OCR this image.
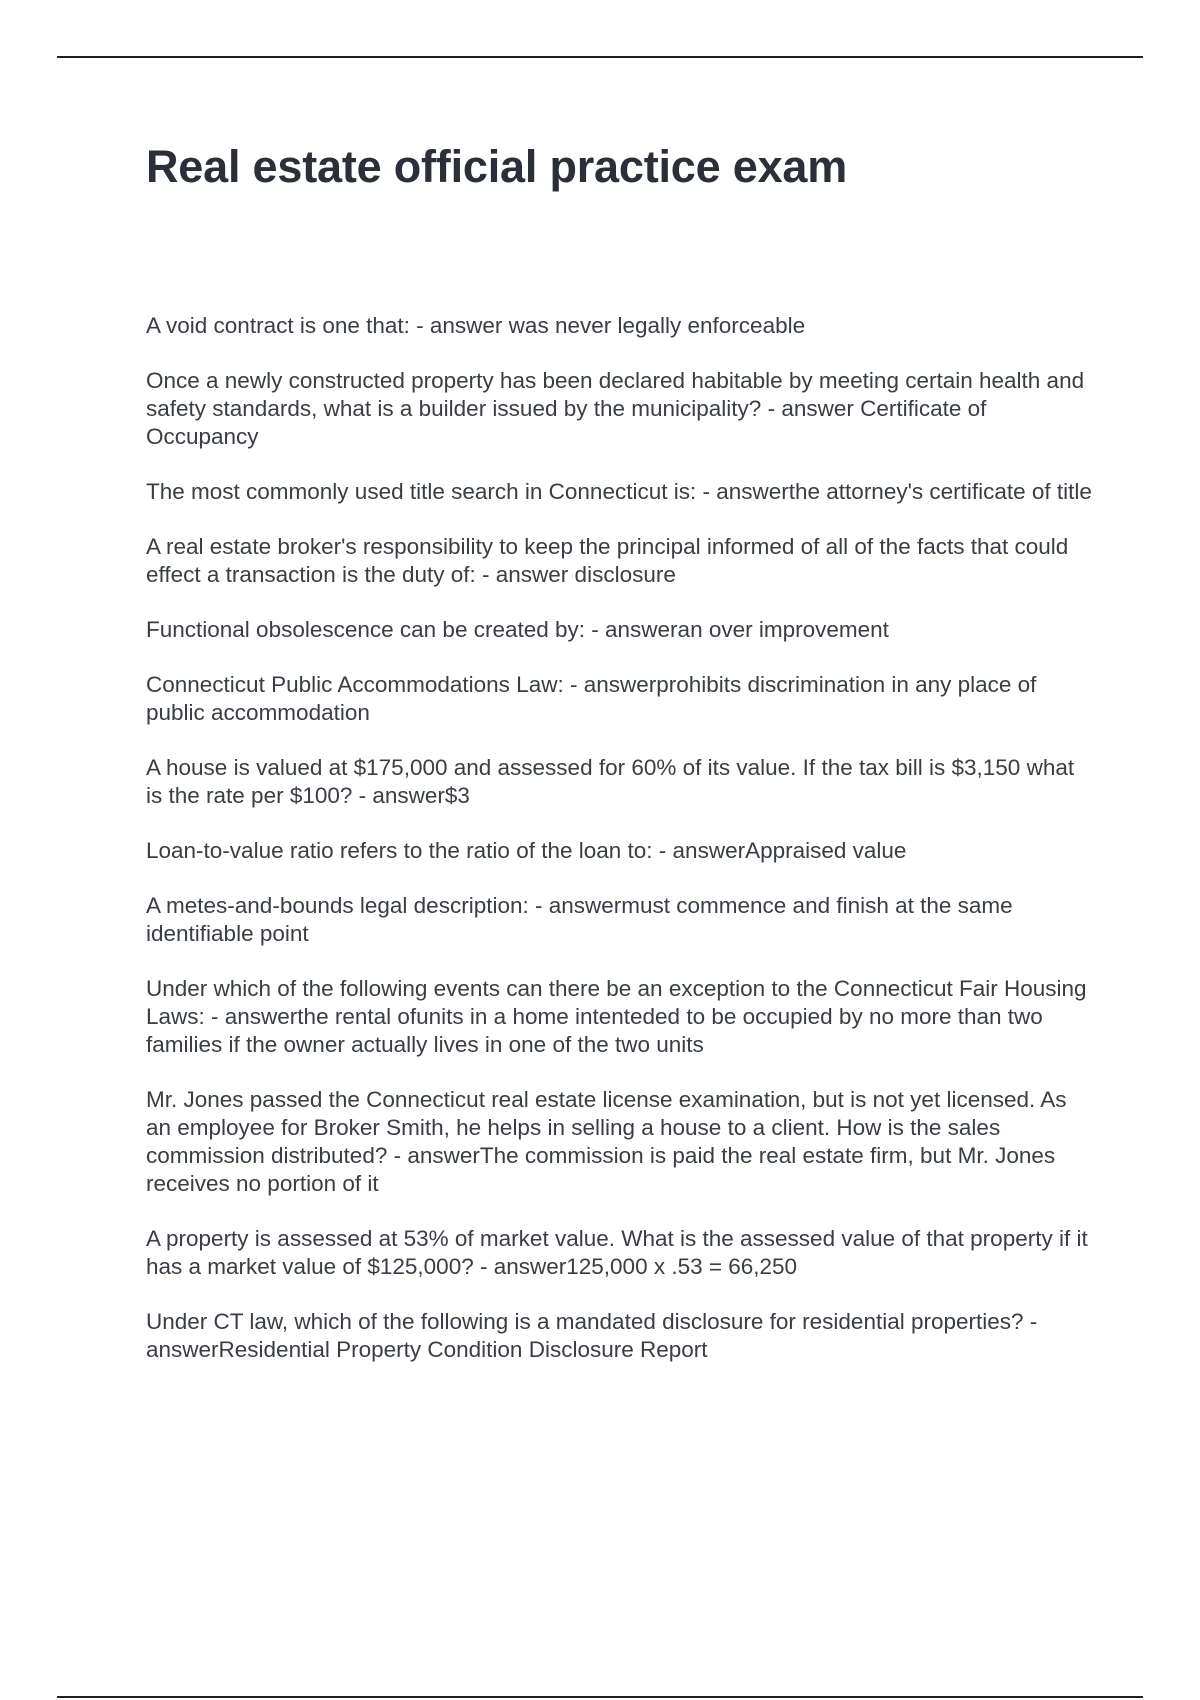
Real estate official practice exam

A void contract is one that: - answer was never legally enforceable

Once a newly constructed property has been declared habitable by meeting certain health and safety standards, what is a builder issued by the municipality? - answer Certificate of Occupancy

The most commonly used title search in Connecticut is: - answerthe attorney's certificate of title

A real estate broker's responsibility to keep the principal informed of all of the facts that could effect a transaction is the duty of: - answer disclosure

Functional obsolescence can be created by: - answeran over improvement

Connecticut Public Accommodations Law: - answerprohibits discrimination in any place of public accommodation

A house is valued at $175,000 and assessed for 60% of its value. If the tax bill is $3,150 what is the rate per $100? - answer$3

Loan-to-value ratio refers to the ratio of the loan to: - answerAppraised value

A metes-and-bounds legal description: - answermust commence and finish at the same identifiable point

Under which of the following events can there be an exception to the Connecticut Fair Housing Laws: - answerthe rental ofunits in a home intenteded to be occupied by no more than two families if the owner actually lives in one of the two units

Mr. Jones passed the Connecticut real estate license examination, but is not yet licensed. As an employee for Broker Smith, he helps in selling a house to a client. How is the sales commission distributed? - answerThe commission is paid the real estate firm, but Mr. Jones receives no portion of it

A property is assessed at 53% of market value. What is the assessed value of that property if it has a market value of $125,000? - answer125,000 x .53 = 66,250

Under CT law, which of the following is a mandated disclosure for residential properties? - answerResidential Property Condition Disclosure Report
